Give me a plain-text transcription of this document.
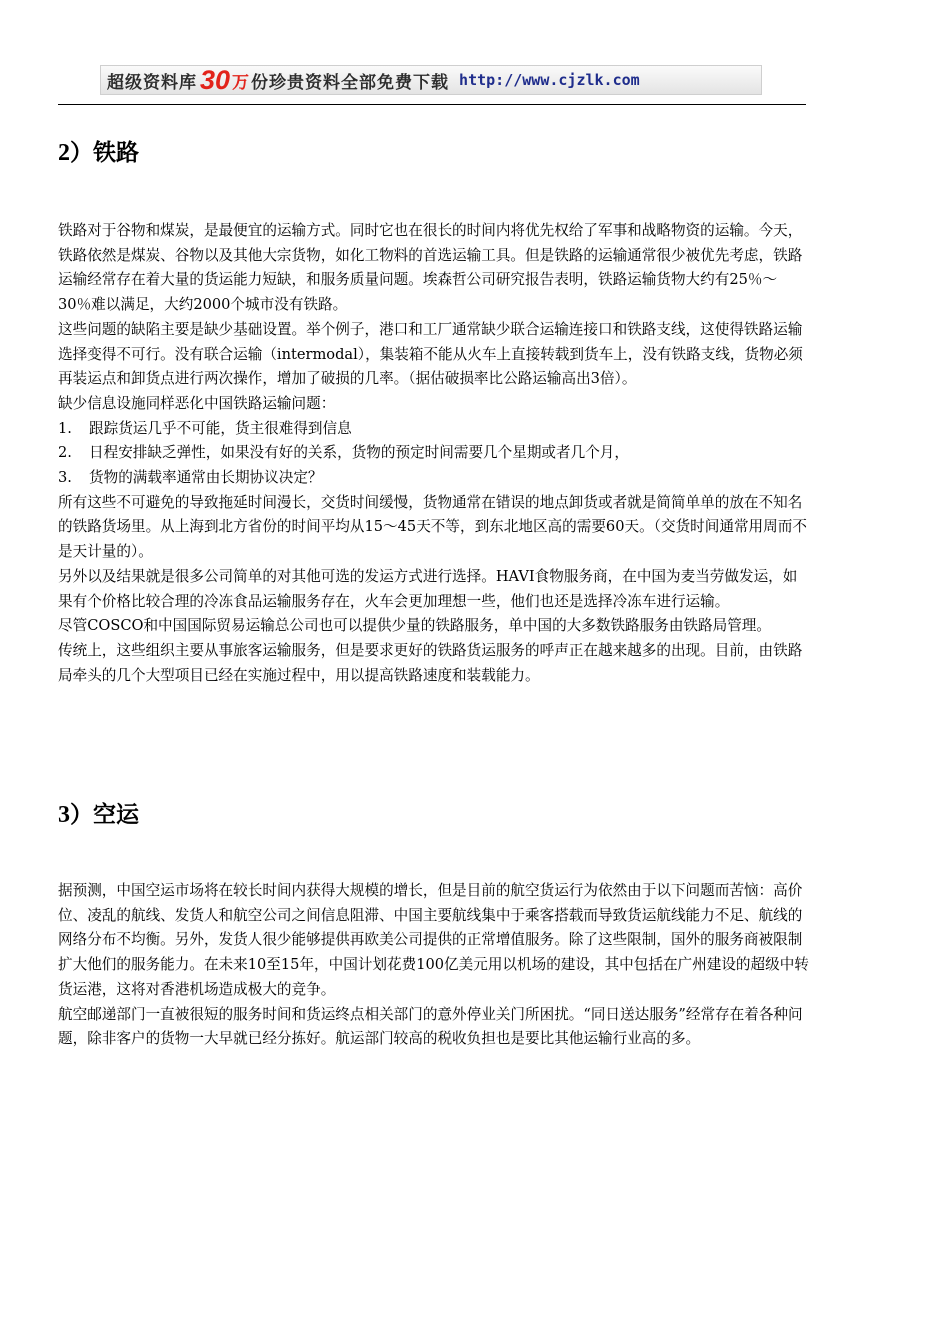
超级资料库 30 万 份珍贵资料全部免费下载 http://www.cjzlk.com
2）铁路

铁路对于谷物和煤炭，是最便宜的运输方式。同时它也在很长的时间内将优先权给了军事和战略物资的运输。今天，铁路依然是煤炭、谷物以及其他大宗货物，如化工物料的首选运输工具。但是铁路的运输通常很少被优先考虑，铁路运输经常存在着大量的货运能力短缺，和服务质量问题。埃森哲公司研究报告表明，铁路运输货物大约有25％～30％难以满足，大约2000个城市没有铁路。

这些问题的缺陷主要是缺少基础设置。举个例子，港口和工厂通常缺少联合运输连接口和铁路支线，这使得铁路运输选择变得不可行。没有联合运输（intermodal），集装箱不能从火车上直接转载到货车上，没有铁路支线，货物必须再装运点和卸货点进行两次操作，增加了破损的几率。（据估破损率比公路运输高出3倍）。

缺少信息设施同样恶化中国铁路运输问题：

1.	跟踪货运几乎不可能，货主很难得到信息
2.	日程安排缺乏弹性，如果没有好的关系，货物的预定时间需要几个星期或者几个月，
3.	货物的满载率通常由长期协议决定？

所有这些不可避免的导致拖延时间漫长，交货时间缓慢，货物通常在错误的地点卸货或者就是简简单单的放在不知名的铁路货场里。从上海到北方省份的时间平均从15～45天不等，到东北地区高的需要60天。（交货时间通常用周而不是天计量的）。

另外以及结果就是很多公司简单的对其他可选的发运方式进行选择。HAVI食物服务商，在中国为麦当劳做发运，如果有个价格比较合理的冷冻食品运输服务存在，火车会更加理想一些，他们也还是选择冷冻车进行运输。

尽管COSCO和中国国际贸易运输总公司也可以提供少量的铁路服务，单中国的大多数铁路服务由铁路局管理。

传统上，这些组织主要从事旅客运输服务，但是要求更好的铁路货运服务的呼声正在越来越多的出现。目前，由铁路局牵头的几个大型项目已经在实施过程中，用以提高铁路速度和装载能力。

3）空运

据预测，中国空运市场将在较长时间内获得大规模的增长，但是目前的航空货运行为依然由于以下问题而苦恼：高价位、凌乱的航线、发货人和航空公司之间信息阻滞、中国主要航线集中于乘客搭载而导致货运航线能力不足、航线的网络分布不均衡。另外，发货人很少能够提供再欧美公司提供的正常增值服务。除了这些限制，国外的服务商被限制扩大他们的服务能力。在未来10至15年，中国计划花费100亿美元用以机场的建设，其中包括在广州建设的超级中转货运港，这将对香港机场造成极大的竞争。

航空邮递部门一直被很短的服务时间和货运终点相关部门的意外停业关门所困扰。“同日送达服务”经常存在着各种问题，除非客户的货物一大早就已经分拣好。航运部门较高的税收负担也是要比其他运输行业高的多。
